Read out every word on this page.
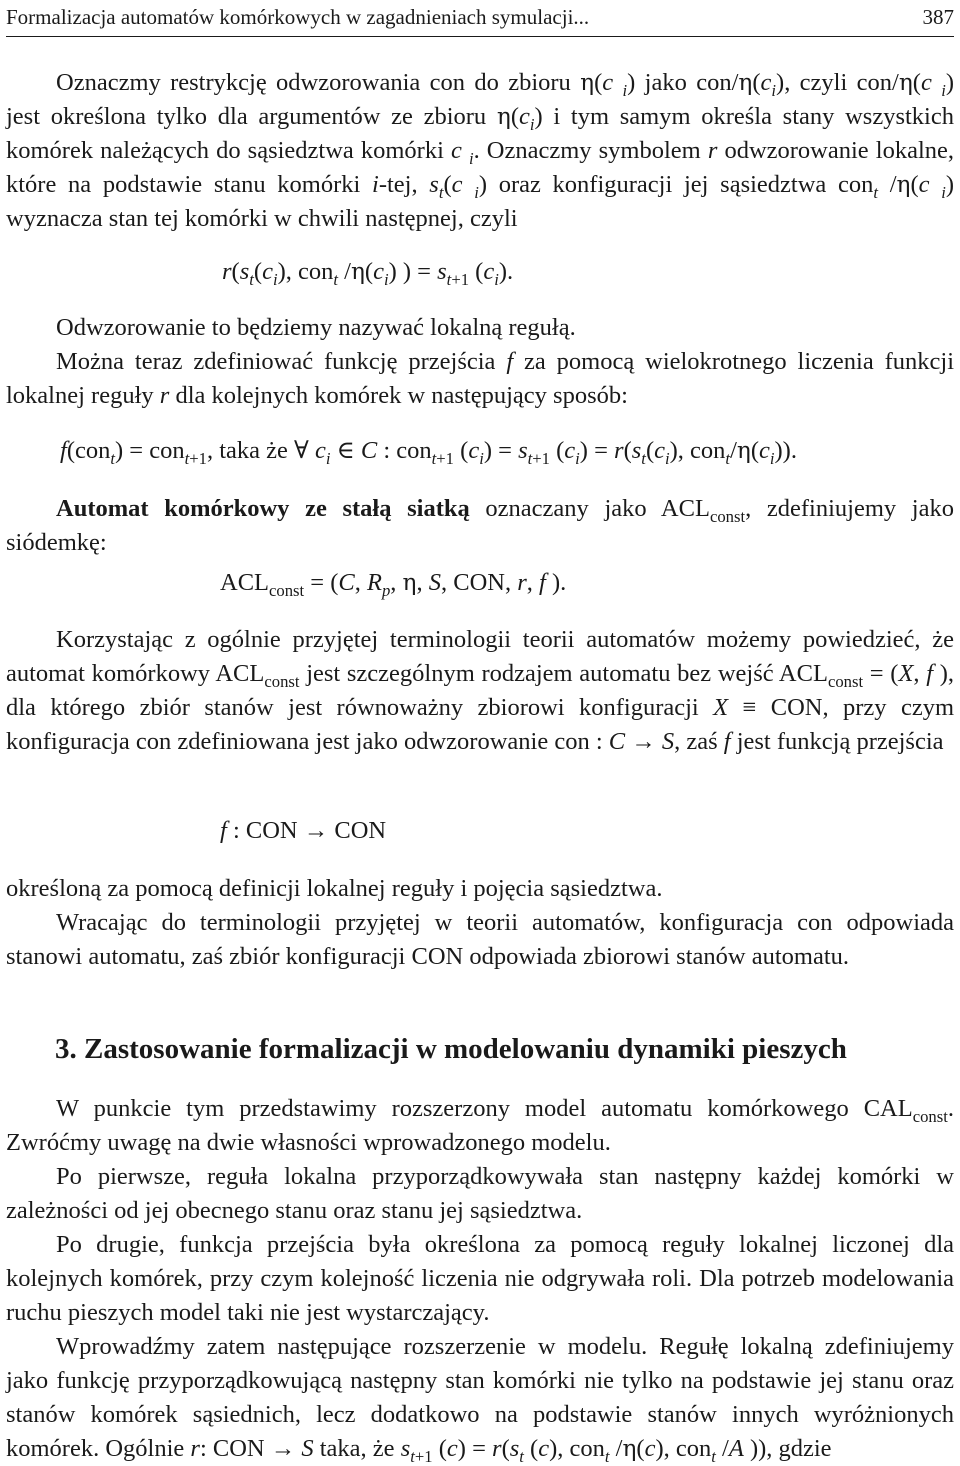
Formalizacja automatów komórkowych w zagadnieniach symulacji...	387
Oznaczmy restrykcję odwzorowania con do zbioru η(c $_i$) jako con/$\eta(c_i)$, czyli con/η(c $_i$) jest określona tylko dla argumentów ze zbioru $\eta(c_i)$ i tym samym określa stany wszystkich komórek należących do sąsiedztwa komórki c $_i$. Oznaczmy symbolem r odwzorowanie lokalne, które na podstawie stanu komórki i-tej, $s_t(c$ $_i$) oraz konfiguracji jej sąsiedztwa con$_t$ /η(c $_i$) wyznacza stan tej komórki w chwili następnej, czyli
$r(s_t(c_i)$, con$_t$ $/\eta(c_i)$ ) = $s_{t+1}$ $(c_i)$.
Odwzorowanie to będziemy nazywać lokalną regułą.
Można teraz zdefiniować funkcję przejścia f za pomocą wielokrotnego liczenia funkcji lokalnej reguły r dla kolejnych komórek w następujący sposób:
f(con$_t$) = con$_{t+1}$, taka że ∀ $c_i$ ∈ C : con$_{t+1}$ $(c_i) = s_{t+1}$ $(c_i) = r(s_t(c_i)$, $con_t/\eta(c_i)$).
Automat komórkowy ze stałą siatką oznaczany jako $ACL_{const}$, zdefiniujemy jako siódemkę:
$ACL_{const} = (C$, $R_p$, η, S, CON, r, f ).
Korzystając z ogólnie przyjętej terminologii teorii automatów możemy powiedzieć, że automat komórkowy $ACL_{const}$ jest szczególnym rodzajem automatu bez wejść $ACL_{const} = (X$, f ), dla którego zbiór stanów jest równoważny zbiorowi konfiguracji X ≡ CON, przy czym konfiguracja con zdefiniowana jest jako odwzorowanie con : C → S, zaś f jest funkcją przejścia
f : CON → CON
określoną za pomocą definicji lokalnej reguły i pojęcia sąsiedztwa.
Wracając do terminologii przyjętej w teorii automatów, konfiguracja con odpowiada stanowi automatu, zaś zbiór konfiguracji CON odpowiada zbiorowi stanów automatu.
3. Zastosowanie formalizacji w modelowaniu dynamiki pieszych
W punkcie tym przedstawimy rozszerzony model automatu komórkowego $CAL_{const}$. Zwróćmy uwagę na dwie własności wprowadzonego modelu.
Po pierwsze, reguła lokalna przyporządkowywała stan następny każdej komórki w zależności od jej obecnego stanu oraz stanu jej sąsiedztwa.
Po drugie, funkcja przejścia była określona za pomocą reguły lokalnej liczonej dla kolejnych komórek, przy czym kolejność liczenia nie odgrywała roli. Dla potrzeb modelowania ruchu pieszych model taki nie jest wystarczający.
Wprowadźmy zatem następujące rozszerzenie w modelu. Regułę lokalną zdefiniujemy jako funkcję przyporządkowującą następny stan komórki nie tylko na podstawie jej stanu oraz stanów komórek sąsiednich, lecz dodatkowo na podstawie stanów innych wyróżnionych komórek. Ogólnie r: CON → S taka, że $s_{t+1}$ $(c) = r(s_t$ (c), con$_t$ /η(c), con$_t$ /A )), gdzie
